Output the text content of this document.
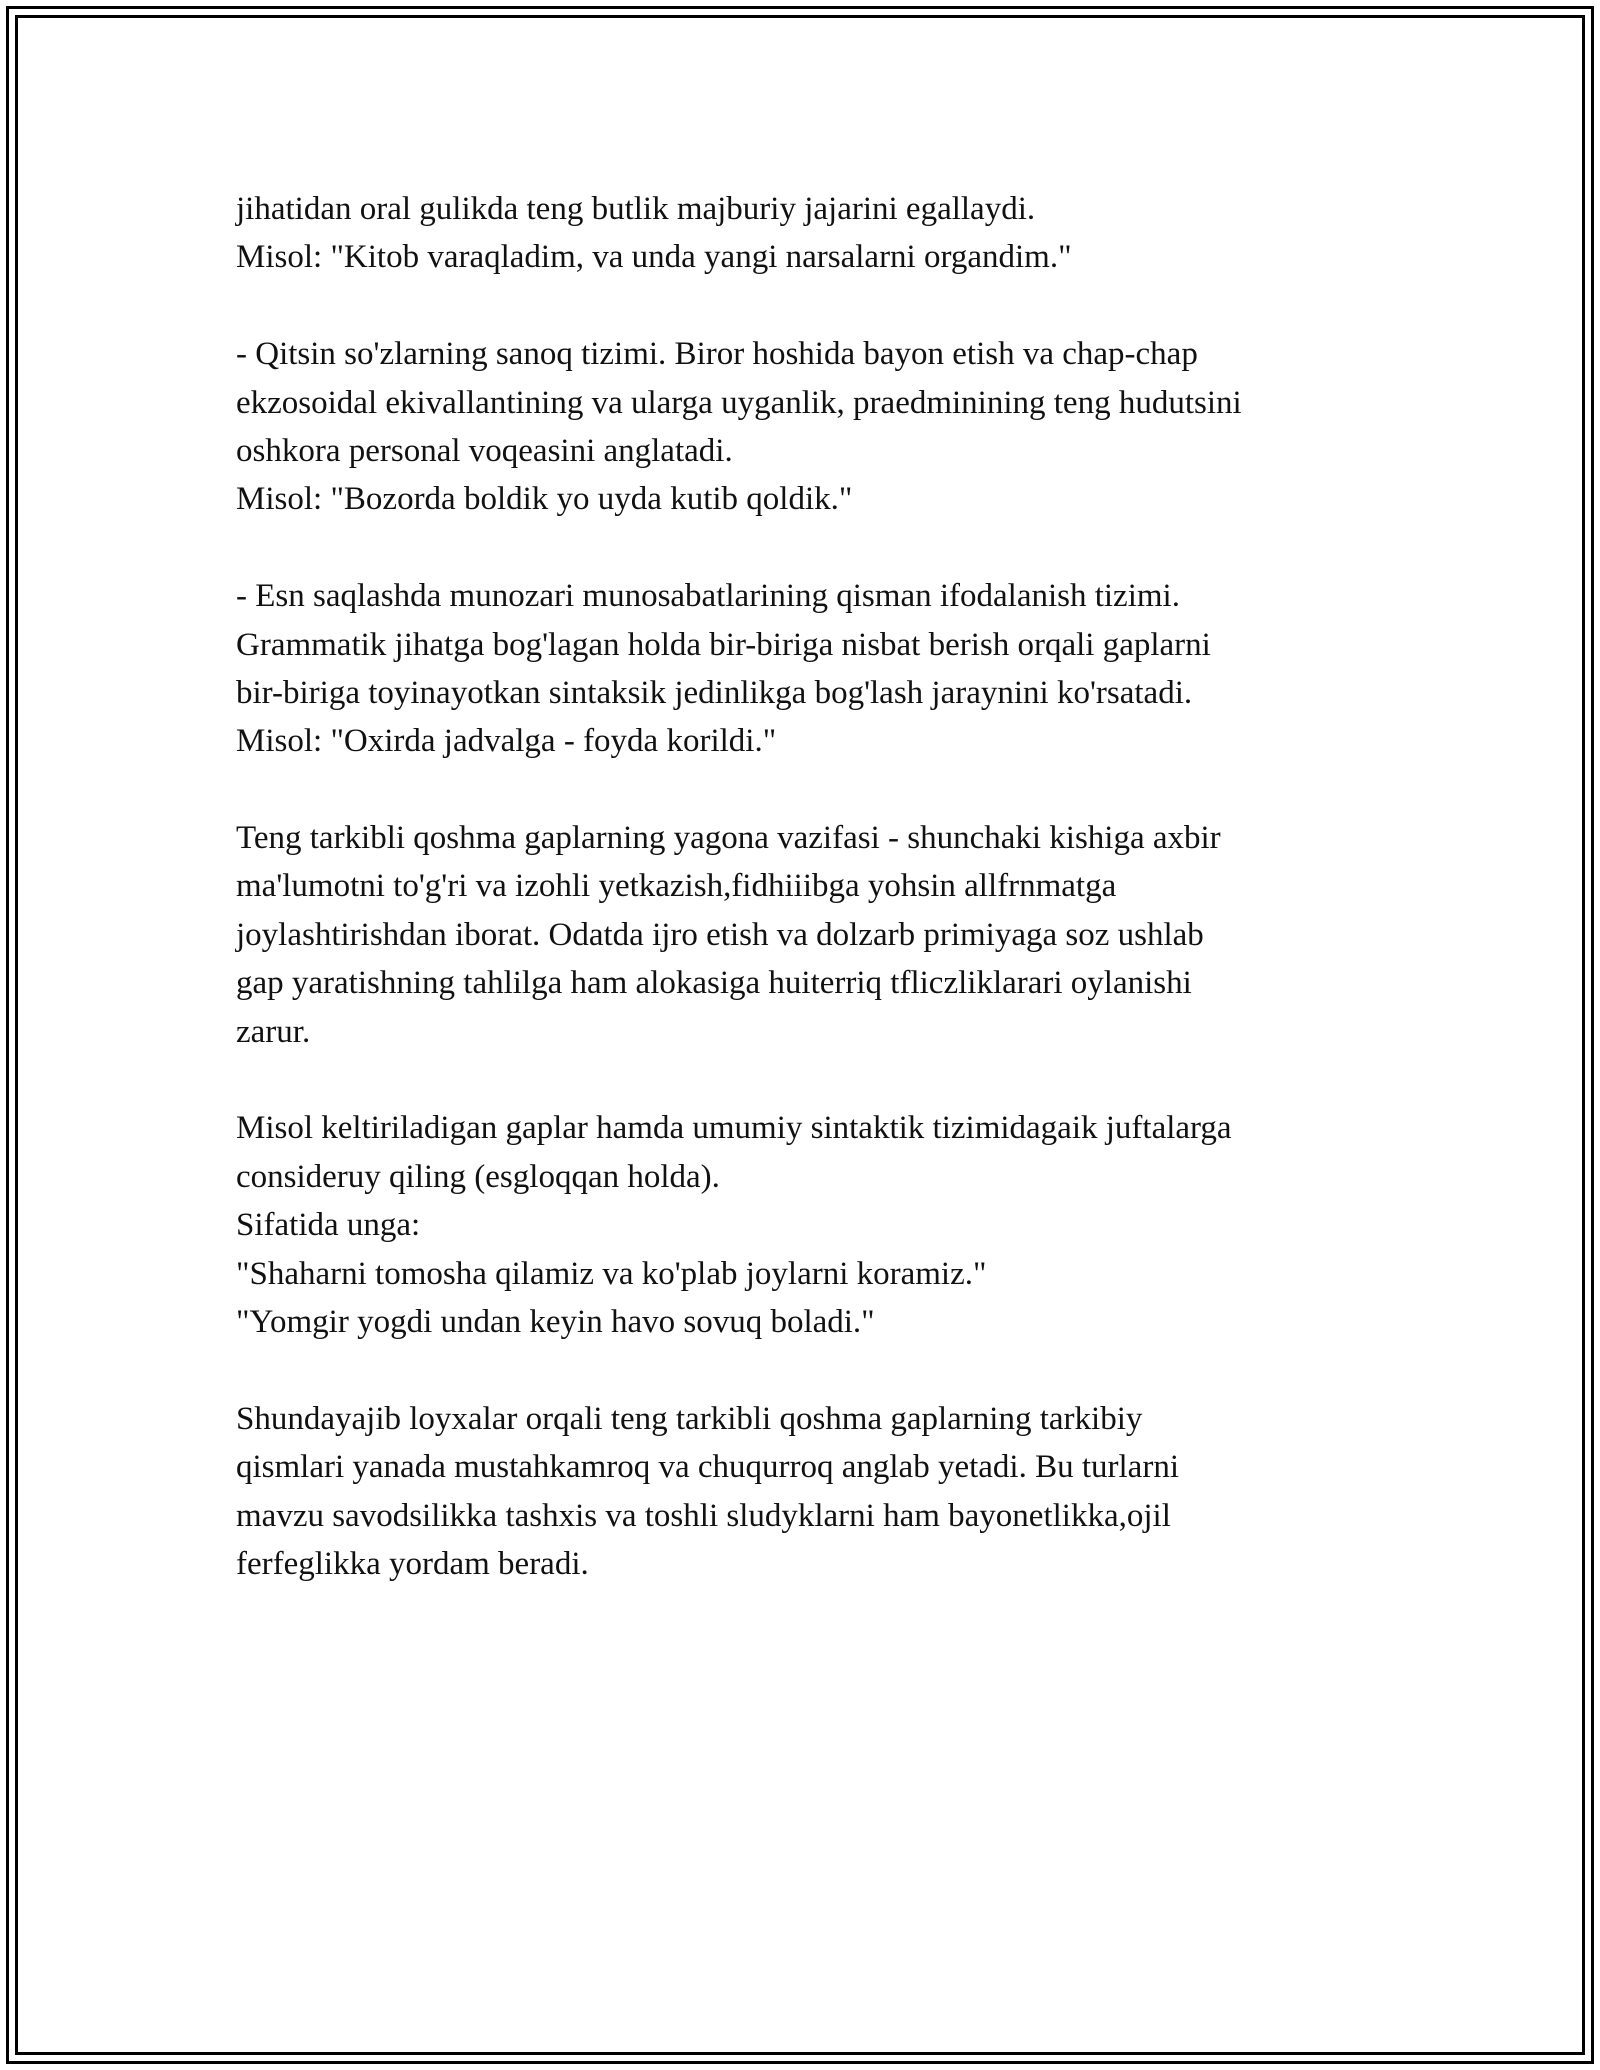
jihatidan oral gulikda teng butlik majburiy jajarini egallaydi.
Misol: "Kitob varaqladim, va unda yangi narsalarni organdim."
- Qitsin so'zlarning sanoq tizimi. Biror hoshida bayon etish va chap-chap
ekzosoidal ekivallantining va ularga uyganlik, praedminining teng hudutsini
oshkora personal voqeasini anglatadi.
Misol: "Bozorda boldik yo uyda kutib qoldik."
- Esn saqlashda munozari munosabatlarining qisman ifodalanish tizimi.
Grammatik jihatga bog'lagan holda bir-biriga nisbat berish orqali gaplarni
bir-biriga toyinayotkan sintaksik jedinlikga bog'lash jaraynini ko'rsatadi.
Misol: "Oxirda jadvalga - foyda korildi."
Teng tarkibli qoshma gaplarning yagona vazifasi - shunchaki kishiga axbir
ma'lumotni to'g'ri va izohli yetkazish,fidhiiibga yohsin allfrnmatga
joylashtirishdan iborat. Odatda ijro etish va dolzarb primiyaga soz ushlab
gap yaratishning tahlilga ham alokasiga huiterriq tfliczliklarari oylanishi
zarur.
Misol keltiriladigan gaplar hamda umumiy sintaktik tizimidagaik juftalarga
consideruy qiling (esgloqqan holda).
Sifatida unga:
"Shaharni tomosha qilamiz va ko'plab joylarni koramiz."
"Yomgir yogdi undan keyin havo sovuq boladi."
Shundayajib loyxalar orqali teng tarkibli qoshma gaplarning tarkibiy
qismlari yanada mustahkamroq va chuqurroq anglab yetadi. Bu turlarni
mavzu savodsilikka tashxis va toshli sludyklarni ham bayonetlikka,ojil
ferfeglikka yordam beradi.
